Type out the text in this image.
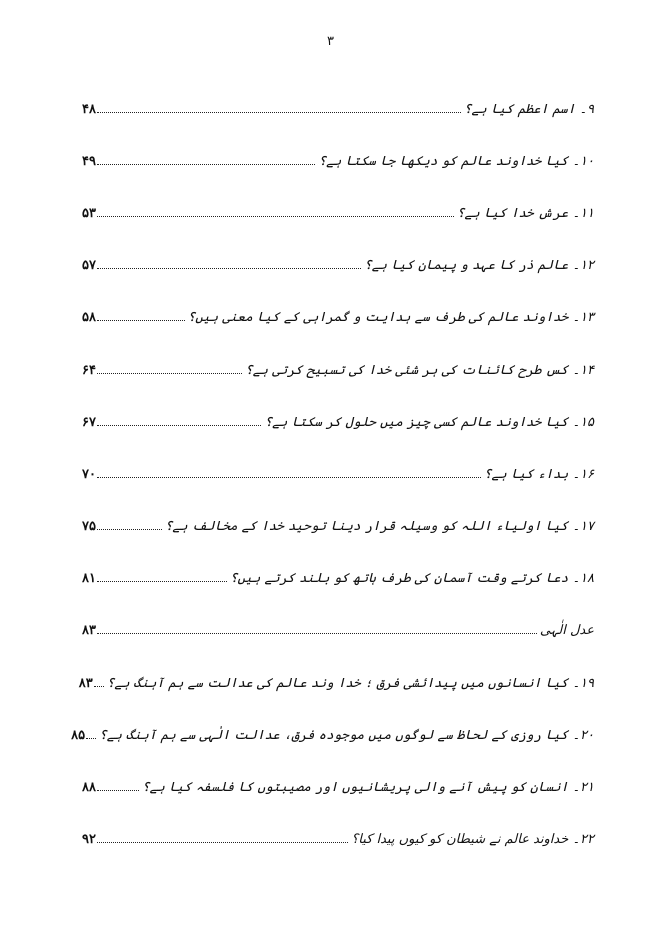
۳
۹۔ اسم اعظم کیا ہے؟
۴۸
۱۰۔ کیا خداوند عالم کو دیکھا جا سکتا ہے؟
۴۹
۱۱۔ عرش خدا کیا ہے؟
۵۳
۱۲۔ عالم ذر کا عہد و پیمان کیا ہے؟
۵۷
۱۳۔ خداوند عالم کی طرف سے ہدایت و گمراہی کے کیا معنی ہیں؟
۵۸
۱۴۔ کس طرح کائنات کی ہر شئی خدا کی تسبیح کرتی ہے؟
۶۴
۱۵۔ کیا خداوند عالم کسی چیز میں حلول کر سکتا ہے؟
۶۷
۱۶۔ بداء کیا ہے؟
۷۰
۱۷۔ کیا اولیاء اللہ کو وسیلہ قرار دینا توحید خدا کے مخالف ہے؟
۷۵
۱۸۔ دعا کرتے وقت آسمان کی طرف ہاتھ کو بلند کرتے ہیں؟
۸۱
عدل الٰہی
۸۳
۱۹۔ کیا انسانوں میں پیدائشی فرق ؛ خدا وند عالم کی عدالت سے ہم آہنگ ہے؟
۸۳
۲۰۔ کیا روزی کے لحاظ سے لوگوں میں موجودہ فرق، عدالت الٰہی سے ہم آہنگ ہے؟
۸۵
۲۱۔ انسان کو پیش آنے والی پریشانیوں اور مصیبتوں کا فلسفہ کیا ہے؟
۸۸
۲۲۔ خداوند عالم نے شیطان کو کیوں پیدا کیا؟
۹۲
